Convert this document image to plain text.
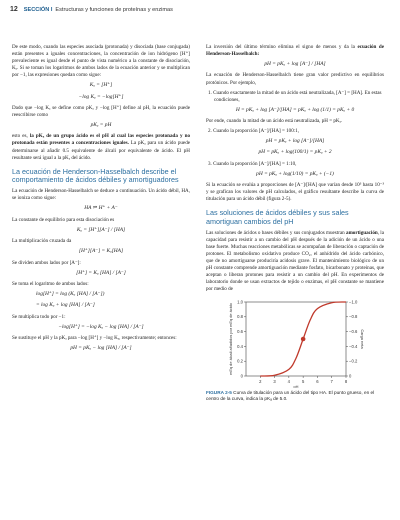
12 SECCIÓN I Estructuras y funciones de proteínas y enzimas

De este modo, cuando las especies asociada (protonada) y disociada (base conjugada) están presentes a iguales concentraciones, la concentración de ion hidrógeno [H⁺] prevaleciente es igual desde el punto de vista numérico a la constante de disociación, Kₐ. Si se toman los logaritmos de ambos lados de la ecuación anterior y se multiplican por −1, las expresiones quedan como sigue:

Kₐ = [H⁺]
−log Kₐ = −log[H⁺]

Dado que −log Kₐ se define como pKₐ y −log [H⁺] define al pH, la ecuación puede reescribirse como

pKₐ = pH

esto es, la pKₐ de un grupo ácido es el pH al cual las especies protonada y no protonada están presentes a concentraciones iguales. La pKₐ para un ácido puede determinarse al añadir 0.5 equivalente de álcali por equivalente de ácido. El pH resultante será igual a la pKₐ del ácido.

La ecuación de Henderson-Hasselbalch describe el comportamiento de ácidos débiles y amortiguadores

La ecuación de Henderson-Hasselbalch se deduce a continuación. Un ácido débil, HA, se ioniza como sigue:

HA ⇌ H⁺ + A⁻

La constante de equilibrio para esta disociación es

Kₐ = [H⁺][A⁻] / [HA]

La multiplicación cruzada da

[H⁺][A⁻] = Kₐ[HA]

Se dividen ambos lados por [A⁻]:

[H⁺] = Kₐ [HA] / [A⁻]

Se toma el logaritmo de ambos lados:

log[H⁺] = log (Kₐ [HA] / [A⁻])
= log Kₐ + log [HA] / [A⁻]

Se multiplica todo por −1:

−log[H⁺] = −log Kₐ − log [HA] / [A⁻]

Se sustituye el pH y la pKₐ para −log [H⁺] y −log Kₐ, respectivamente; entonces:

pH = pKₐ − log [HA] / [A⁻]

La inversión del último término elimina el signo de menos y da la ecuación de Henderson-Hasselbalch:

pH = pKₐ + log [A⁻] / [HA]

La ecuación de Henderson-Hasselbalch tiene gran valor predictivo en equilibrios protónicos. Por ejemplo,

1. Cuando exactamente la mitad de un ácido está neutralizada, [A⁻] = [HA]. En estas condiciones,
H = pKₐ + log [A⁻]/[HA] = pKₐ + log (1/1) = pKₐ + 0

Por ende, cuando la mitad de un ácido está neutralizada, pH = pKₐ.

2. Cuando la proporción [A⁻]/[HA] = 100:1,
pH = pKₐ + log [A⁻]/[HA]
pH = pKₐ + log(100/1) = pKₐ + 2
3. Cuando la proporción [A⁻]/[HA] = 1:10,
pH = pKₐ + log(1/10) = pKₐ + (−1)

Si la ecuación se evalúa a proporciones de [A⁻]/[HA] que varían desde 10³ hasta 10⁻³ y se grafican los valores de pH calculados, el gráfico resultante describe la curva de titulación para un ácido débil (figura 2-5).

Las soluciones de ácidos débiles y sus sales amortiguan cambios del pH

Las soluciones de ácidos o bases débiles y sus conjugados muestran amortiguación, la capacidad para resistir a un cambio del pH después de la adición de un ácido o una base fuerte. Muchas reacciones metabólicas se acompañan de liberación o captación de protones. El metabolismo oxidativo produce CO₂, el anhídrido del ácido carbónico, que de no amortiguarse produciría acidosis grave. El mantenimiento biológico de un pH constante comprende amortiguación mediante fosfato, bicarbonato y proteínas, que aceptan o liberan protones para resistir a un cambio del pH. En experimentos de laboratorio donde se usan extractos de tejido o enzimas, el pH constante se mantiene por medio de

0	0
0.2	−0.2
0.4	−0.4
0.6	−0.6
0.8	−0.8
1.0	−1.0
2	3	4	5	6	7	8
mEq de álcali añadidos por mEq de ácido	Carga neta
pH
FIGURA 2-5 Curva de titulación para un ácido del tipo HA. El punto grueso, en el centro de la curva, indica la pKₐ de 5.0.
